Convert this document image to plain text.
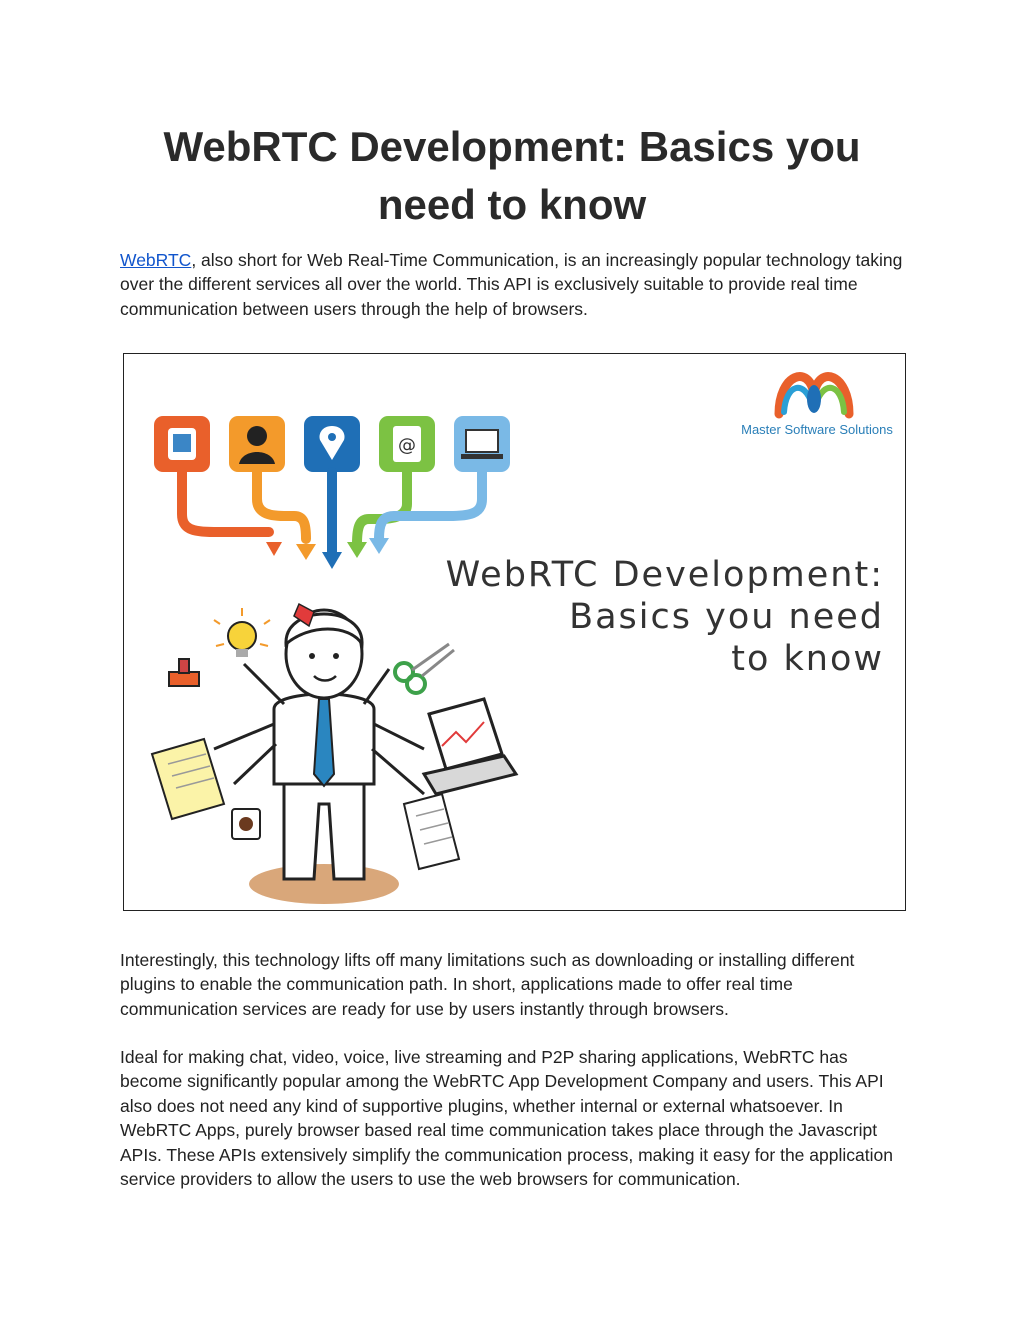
WebRTC Development: Basics you need to know

WebRTC, also short for Web Real-Time Communication, is an increasingly popular technology taking over the different services all over the world. This API is exclusively suitable to provide real time communication between users through the help of browsers.

Master Software Solutions
@
WebRTC Development:
Basics you need
to know

Interestingly, this technology lifts off many limitations such as downloading or installing different plugins to enable the communication path. In short, applications made to offer real time communication services are ready for use by users instantly through browsers.

Ideal for making chat, video, voice, live streaming and P2P sharing applications, WebRTC has become significantly popular among the WebRTC App Development Company and users. This API also does not need any kind of supportive plugins, whether internal or external whatsoever. In WebRTC Apps, purely browser based real time communication takes place through the Javascript APIs. These APIs extensively simplify the communication process, making it easy for the application service providers to allow the users to use the web browsers for communication.
